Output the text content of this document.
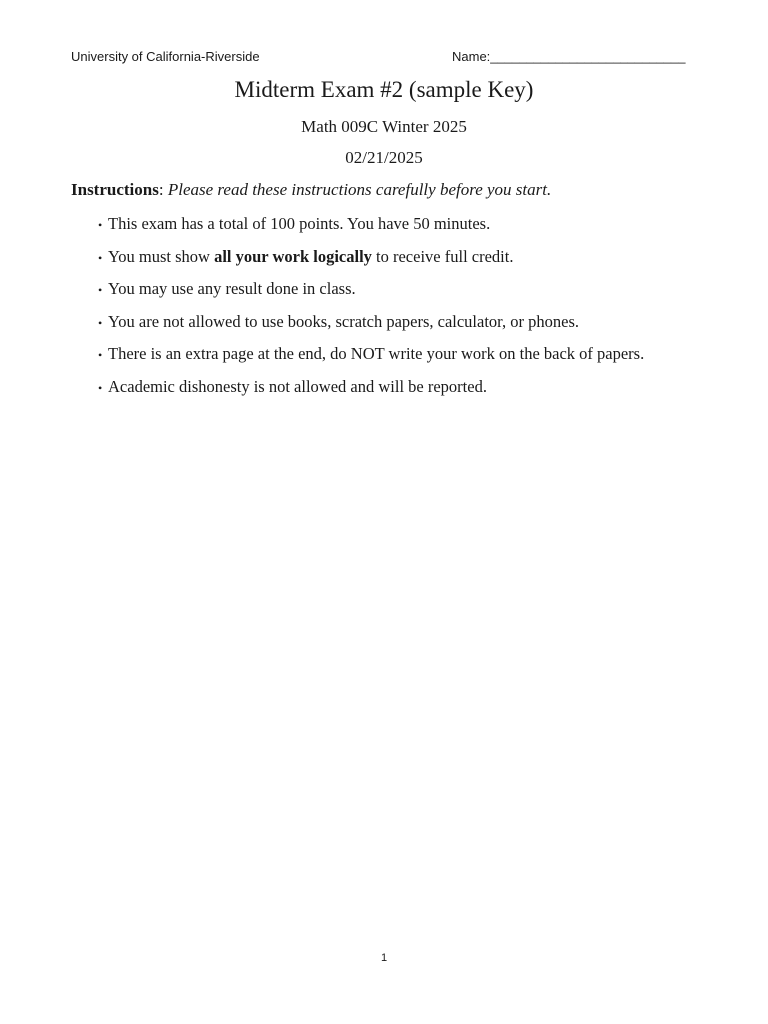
University of California-Riverside	Name:___________________________
Midterm Exam #2 (sample Key)
Math 009C Winter 2025
02/21/2025
Instructions: Please read these instructions carefully before you start.
• This exam has a total of 100 points. You have 50 minutes.
• You must show all your work logically to receive full credit.
• You may use any result done in class.
• You are not allowed to use books, scratch papers, calculator, or phones.
• There is an extra page at the end, do NOT write your work on the back of papers.
• Academic dishonesty is not allowed and will be reported.
1
